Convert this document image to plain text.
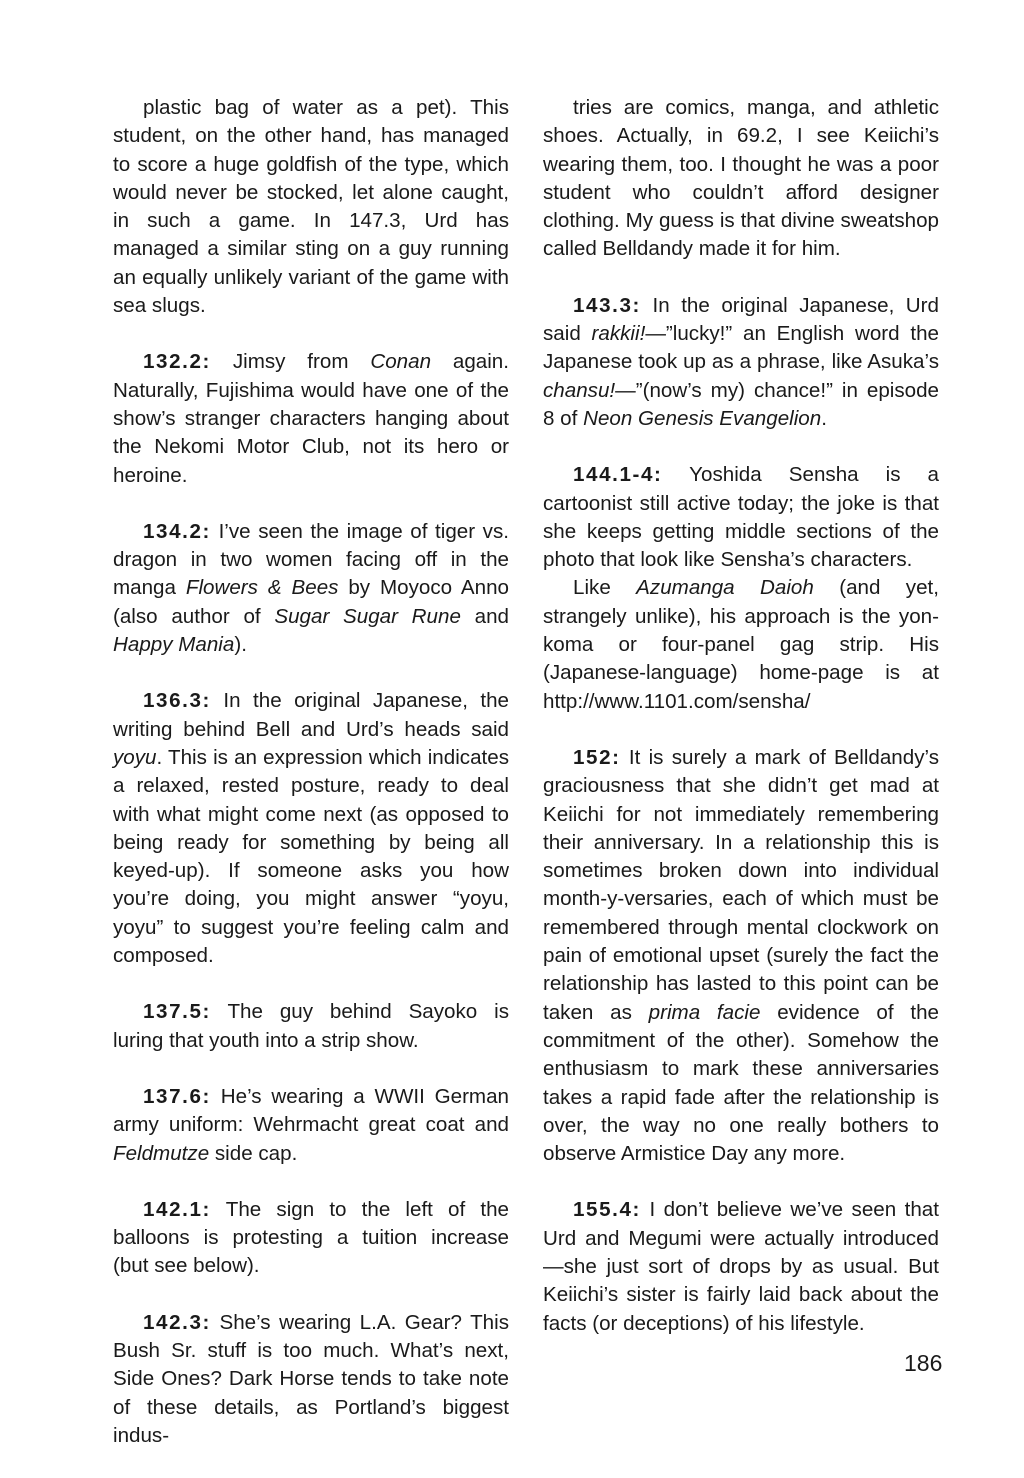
plastic bag of water as a pet). This student, on the other hand, has managed to score a huge goldfish of the type, which would never be stocked, let alone caught, in such a game. In 147.3, Urd has managed a similar sting on a guy running an equally unlikely variant of the game with sea slugs.

132.2: Jimsy from Conan again. Naturally, Fujishima would have one of the show’s stranger characters hanging about the Nekomi Motor Club, not its hero or heroine.

134.2: I’ve seen the image of tiger vs. dragon in two women facing off in the manga Flowers & Bees by Moyoco Anno (also author of Sugar Sugar Rune and Happy Mania).

136.3: In the original Japanese, the writing behind Bell and Urd’s heads said yoyu. This is an expression which indicates a relaxed, rested posture, ready to deal with what might come next (as opposed to being ready for something by being all keyed-up). If someone asks you how you’re doing, you might answer “yoyu, yoyu” to suggest you’re feeling calm and composed.

137.5: The guy behind Sayoko is luring that youth into a strip show.

137.6: He’s wearing a WWII German army uniform: Wehrmacht great coat and Feldmutze side cap.

142.1: The sign to the left of the balloons is protesting a tuition increase (but see below).

142.3: She’s wearing L.A. Gear? This Bush Sr. stuff is too much. What’s next, Side Ones? Dark Horse tends to take note of these details, as Portland’s biggest indus-

tries are comics, manga, and athletic shoes. Actually, in 69.2, I see Keiichi’s wearing them, too. I thought he was a poor student who couldn’t afford designer clothing. My guess is that divine sweatshop called Belldandy made it for him.

143.3: In the original Japanese, Urd said rakkii!—”lucky!” an English word the Japanese took up as a phrase, like Asuka’s chansu!—”(now’s my) chance!” in episode 8 of Neon Genesis Evangelion.

144.1-4: Yoshida Sensha is a cartoonist still active today; the joke is that she keeps getting middle sections of the photo that look like Sensha’s characters.

Like Azumanga Daioh (and yet, strangely unlike), his approach is the yon-koma or four-panel gag strip. His (Japanese-language) home-page is at http://www.1101.com/sensha/

152: It is surely a mark of Belldandy’s graciousness that she didn’t get mad at Keiichi for not immediately remembering their anniversary. In a relationship this is sometimes broken down into individual month-y-versaries, each of which must be remembered through mental clockwork on pain of emotional upset (surely the fact the relationship has lasted to this point can be taken as prima facie evidence of the commitment of the other). Somehow the enthusiasm to mark these anniversaries takes a rapid fade after the relationship is over, the way no one really bothers to observe Armistice Day any more.

155.4: I don’t believe we’ve seen that Urd and Megumi were actually introduced—she just sort of drops by as usual. But Keiichi’s sister is fairly laid back about the facts (or deceptions) of his lifestyle.

186
